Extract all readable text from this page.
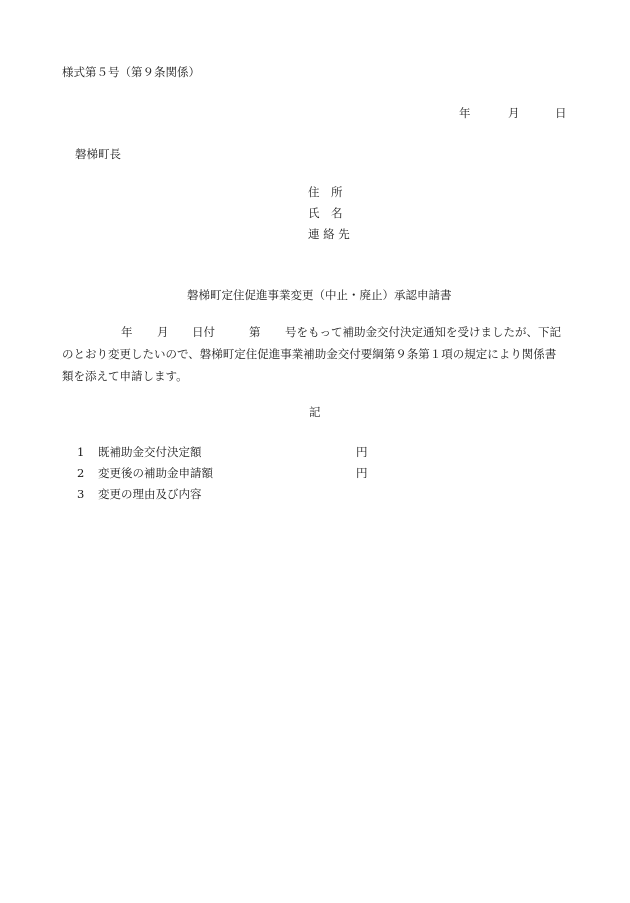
様式第５号（第９条関係）
年	月	日
磐梯町長
住　所
氏　名
連 絡 先
磐梯町定住促進事業変更（中止・廃止）承認申請書
年 月 日付	第 号をもって補助金交付決定通知を受けましたが、下記
のとおり変更したいので、磐梯町定住促進事業補助金交付要綱第９条第１項の規定により関係書
類を添えて申請します。
記
1 既補助金交付決定額	円
2 変更後の補助金申請額	円
3 変更の理由及び内容
